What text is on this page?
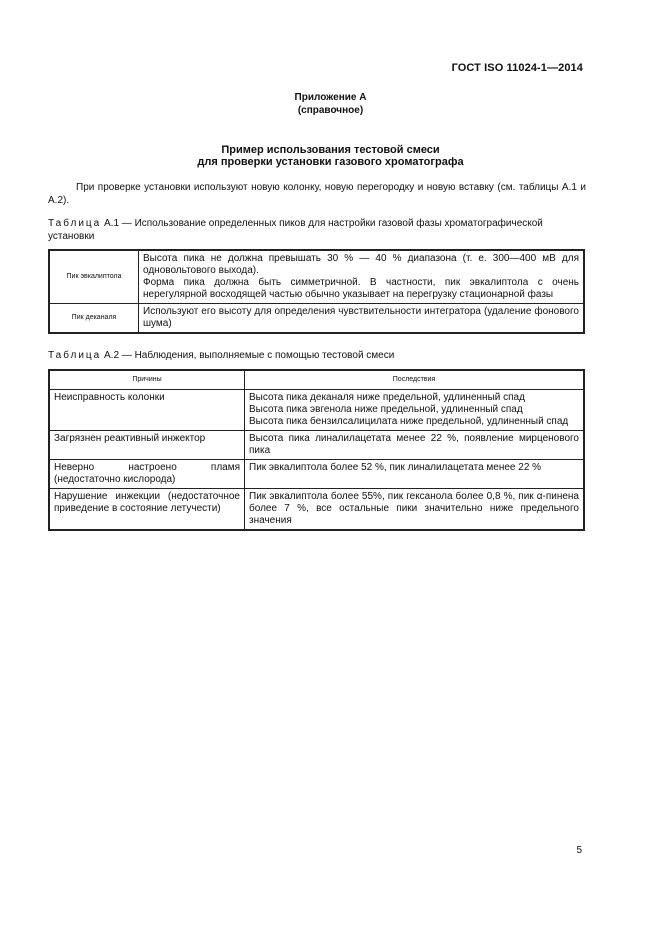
ГОСТ ISO 11024-1—2014
Приложение А
(справочное)
Пример использования тестовой смеси
для проверки установки газового хроматографа
При проверке установки используют новую колонку, новую перегородку и новую вставку (см. таблицы А.1 и А.2).
Таблица А.1 — Использование определенных пиков для настройки газовой фазы хроматографической установки
Пик эвкалиптола	Высота пика не должна превышать 30 % — 40 % диапазона (т. е. 300—400 мВ для одновольтового выхода).
Форма пика должна быть симметричной. В частности, пик эвкалиптола с очень нерегулярной восходящей частью обычно указывает на перегрузку стационарной фазы

Пик деканаля	Используют его высоту для определения чувствительности интегратора (удаление фонового шума)
Таблица А.2 — Наблюдения, выполняемые с помощью тестовой смеси
Причины	Последствия
Неисправность колонки	Высота пика деканаля ниже предельной, удлиненный спад
Высота пика эвгенола ниже предельной, удлиненный спад
Высота пика бензилсалицилата ниже предельной, удлиненный спад

Загрязнен реактивный инжектор	Высота пика линалилацетата менее 22 %, появление мирценового пика

Неверно настроено пламя (недостаточно кислорода)	Пик эвкалиптола более 52 %, пик линалилацетата менее 22 %

Нарушение инжекции (недостаточное приведение в состояние летучести)	Пик эвкалиптола более 55%, пик гексанола более 0,8 %, пик α-пинена более 7 %, все остальные пики значительно ниже предельного значения
5
